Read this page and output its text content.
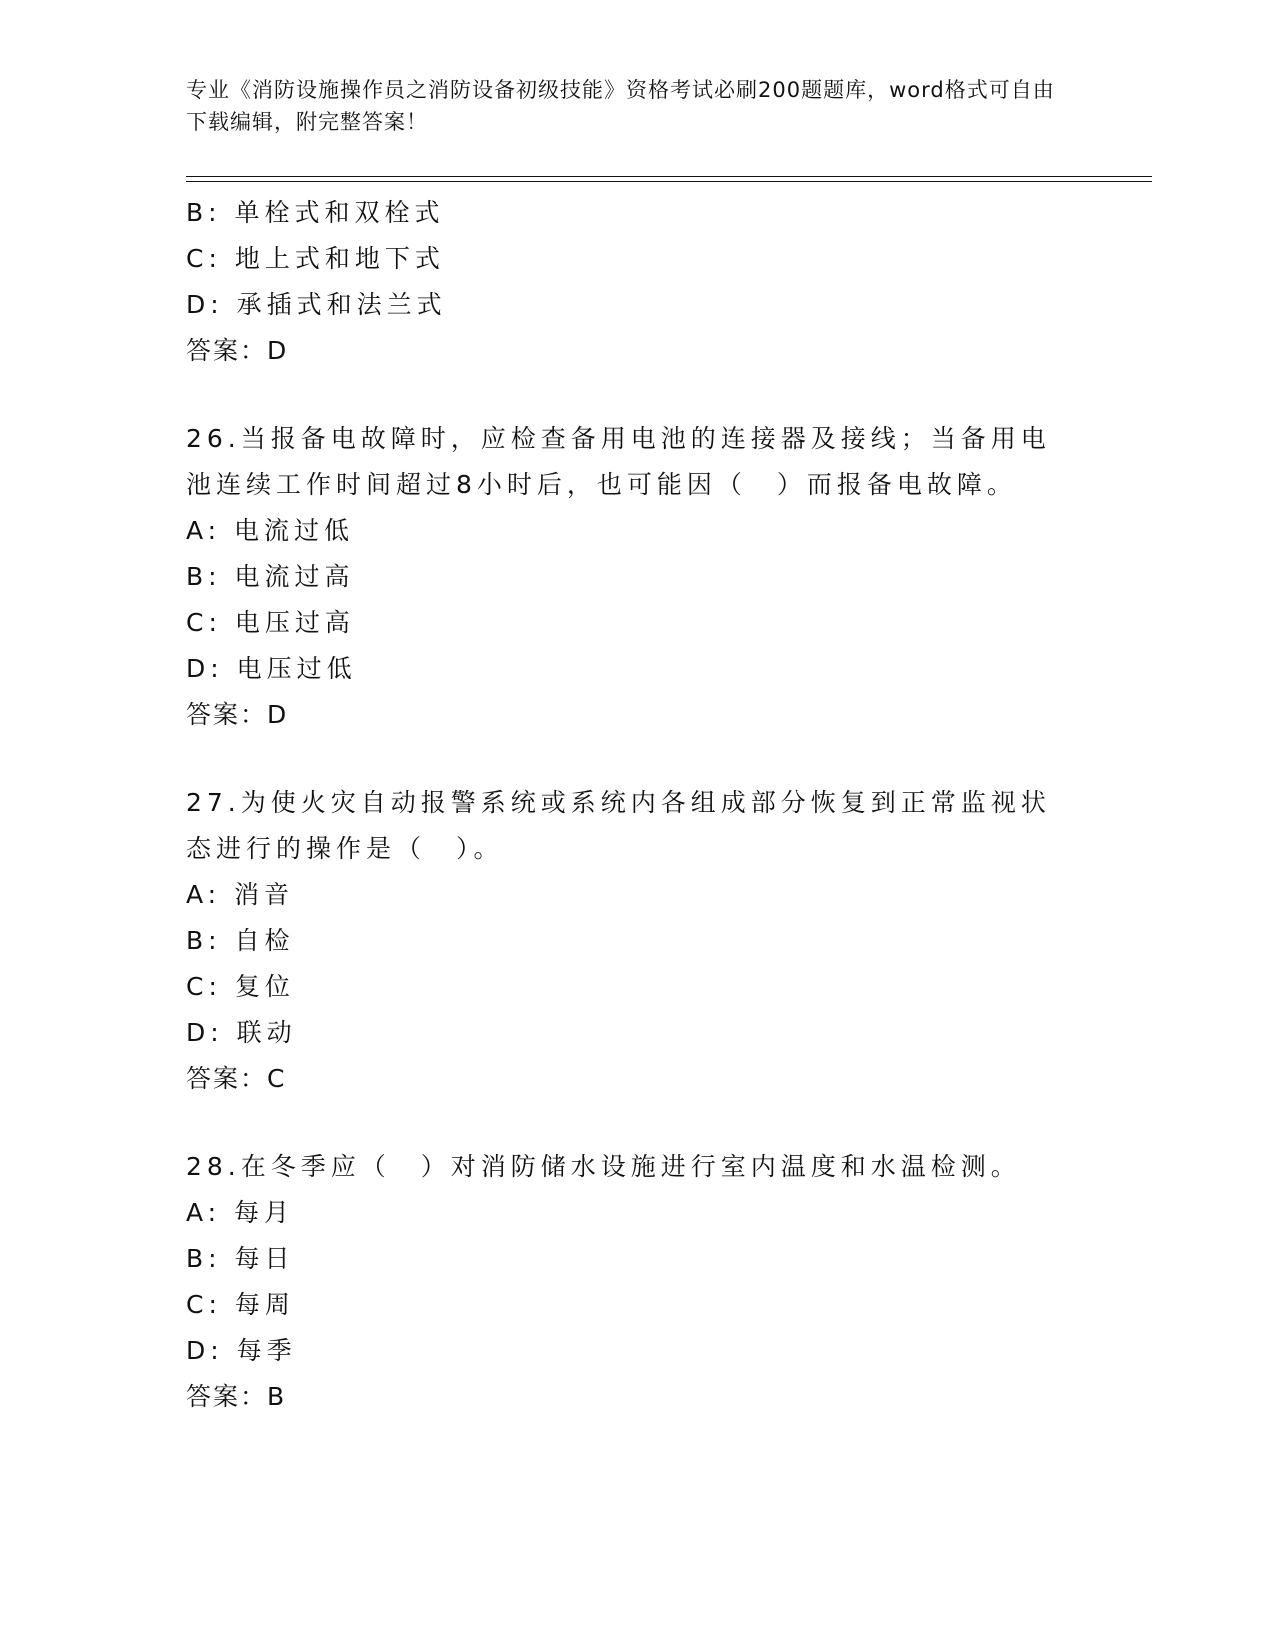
专业《消防设施操作员之消防设备初级技能》资格考试必刷200题题库，word格式可自由下载编辑，附完整答案！
B: 单栓式和双栓式
C: 地上式和地下式
D: 承插式和法兰式
答案：D
26.当报备电故障时，应检查备用电池的连接器及接线；当备用电池连续工作时间超过8小时后，也可能因（　）而报备电故障。
A: 电流过低
B: 电流过高
C: 电压过高
D: 电压过低
答案：D
27.为使火灾自动报警系统或系统内各组成部分恢复到正常监视状态进行的操作是（　）。
A: 消音
B: 自检
C: 复位
D: 联动
答案：C
28.在冬季应（　）对消防储水设施进行室内温度和水温检测。
A: 每月
B: 每日
C: 每周
D: 每季
答案：B
